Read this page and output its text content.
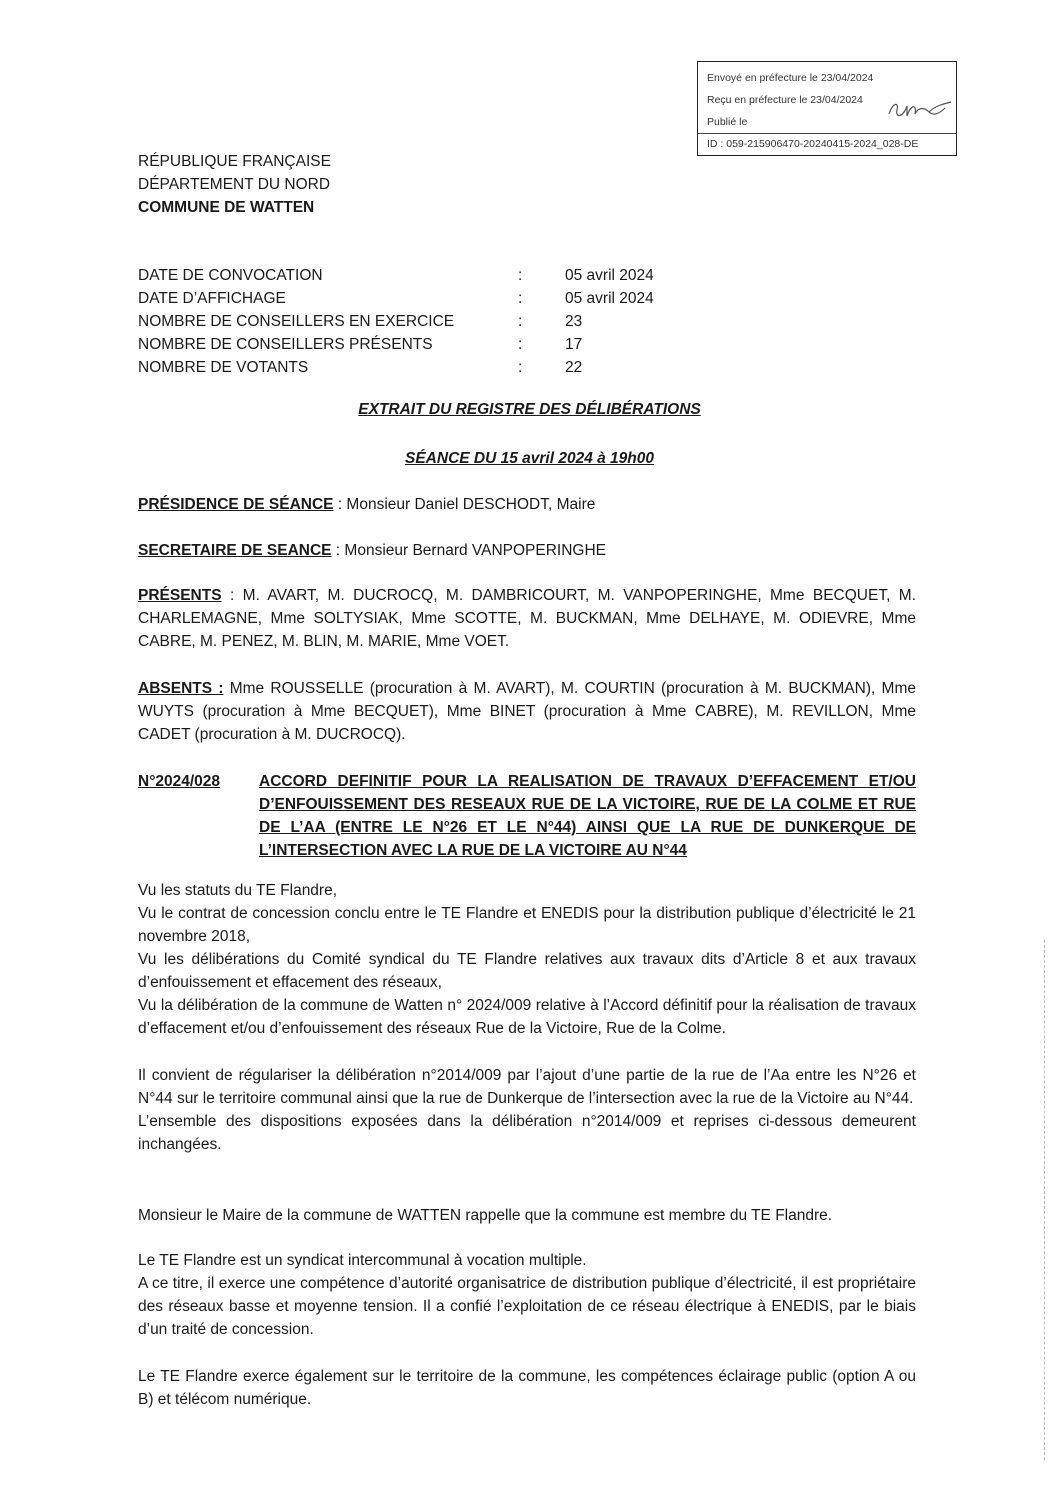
Envoyé en préfecture le 23/04/2024
Reçu en préfecture le 23/04/2024
Publié le
ID : 059-215906470-20240415-2024_028-DE
RÉPUBLIQUE FRANÇAISE
DÉPARTEMENT DU NORD
COMMUNE DE WATTEN
DATE DE CONVOCATION	:	05 avril 2024
DATE D’AFFICHAGE	:	05 avril 2024
NOMBRE DE CONSEILLERS EN EXERCICE	:	23
NOMBRE DE CONSEILLERS PRÉSENTS	:	17
NOMBRE DE VOTANTS	:	22
EXTRAIT DU REGISTRE DES DÉLIBÉRATIONS
SÉANCE DU 15 avril 2024 à 19h00
PRÉSIDENCE DE SÉANCE : Monsieur Daniel DESCHODT, Maire
SECRETAIRE DE SEANCE : Monsieur Bernard VANPOPERINGHE
PRÉSENTS : M. AVART, M. DUCROCQ, M. DAMBRICOURT, M. VANPOPERINGHE, Mme BECQUET, M. CHARLEMAGNE, Mme SOLTYSIAK, Mme SCOTTE, M. BUCKMAN, Mme DELHAYE, M. ODIEVRE, Mme CABRE, M. PENEZ, M. BLIN, M. MARIE, Mme VOET.
ABSENTS : Mme ROUSSELLE (procuration à M. AVART), M. COURTIN (procuration à M. BUCKMAN), Mme WUYTS (procuration à Mme BECQUET), Mme BINET (procuration à Mme CABRE), M. REVILLON, Mme CADET (procuration à M. DUCROCQ).
N°2024/028	ACCORD DEFINITIF POUR LA REALISATION DE TRAVAUX D’EFFACEMENT ET/OU D’ENFOUISSEMENT DES RESEAUX RUE DE LA VICTOIRE, RUE DE LA COLME ET RUE DE L’AA (ENTRE LE N°26 ET LE N°44) AINSI QUE LA RUE DE DUNKERQUE DE L’INTERSECTION AVEC LA RUE DE LA VICTOIRE AU N°44
Vu les statuts du TE Flandre,
Vu le contrat de concession conclu entre le TE Flandre et ENEDIS pour la distribution publique d’électricité le 21 novembre 2018,
Vu les délibérations du Comité syndical du TE Flandre relatives aux travaux dits d’Article 8 et aux travaux d’enfouissement et effacement des réseaux,
Vu la délibération de la commune de Watten n° 2024/009 relative à l’Accord définitif pour la réalisation de travaux d’effacement et/ou d’enfouissement des réseaux Rue de la Victoire, Rue de la Colme.
Il convient de régulariser la délibération n°2014/009 par l’ajout d’une partie de la rue de l’Aa entre les N°26 et N°44 sur le territoire communal ainsi que la rue de Dunkerque de l’intersection avec la rue de la Victoire au N°44.
L’ensemble des dispositions exposées dans la délibération n°2014/009 et reprises ci-dessous demeurent inchangées.
Monsieur le Maire de la commune de WATTEN rappelle que la commune est membre du TE Flandre.
Le TE Flandre est un syndicat intercommunal à vocation multiple.
A ce titre, il exerce une compétence d’autorité organisatrice de distribution publique d’électricité, il est propriétaire des réseaux basse et moyenne tension. Il a confié l’exploitation de ce réseau électrique à ENEDIS, par le biais d’un traité de concession.
Le TE Flandre exerce également sur le territoire de la commune, les compétences éclairage public (option A ou B) et télécom numérique.
